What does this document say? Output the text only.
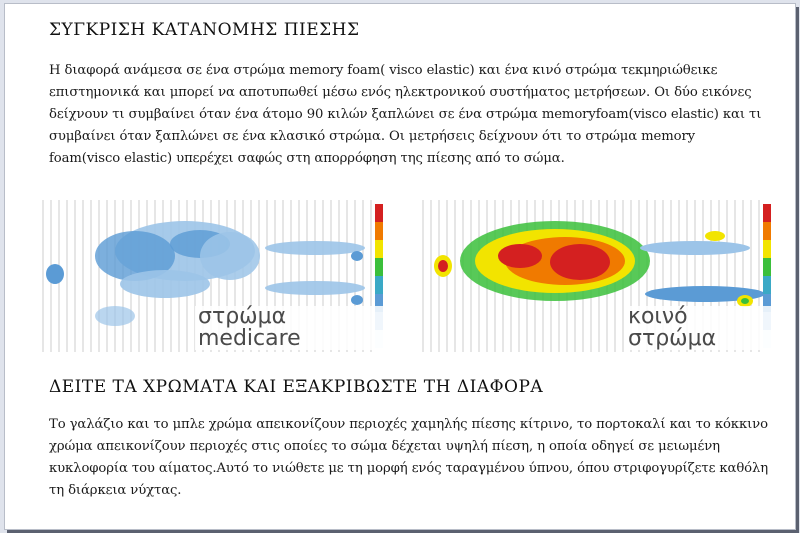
ΣΥΓΚΡΙΣΗ ΚΑΤΑΝΟΜΗΣ ΠΙΕΣΗΣ
Η διαφορά ανάμεσα σε ένα στρώμα memory foam( visco elastic) και ένα κινό στρώμα τεκμηριώθεικε επιστημονικά και μπορεί να αποτυπωθεί μέσω ενός ηλεκτρονικού συστήματος μετρήσεων. Οι δύο εικόνες δείχνουν τι συμβαίνει όταν ένα άτομο 90 κιλών ξαπλώνει σε ένα στρώμα memoryfoam(visco elastic) και τι συμβαίνει όταν ξαπλώνει σε ένα κλασικό στρώμα. Οι μετρήσεις δείχνουν ότι το στρώμα memory foam(visco elastic) υπερέχει σαφώς στη απορρόφηση της πίεσης από το σώμα.
στρώμα medicare
κοινό στρώμα
ΔΕΙΤΕ ΤΑ ΧΡΩΜΑΤΑ ΚΑΙ ΕΞΑΚΡΙΒΩΣΤΕ ΤΗ ΔΙΑΦΟΡΑ
Το γαλάζιο και το μπλε χρώμα απεικονίζουν περιοχές χαμηλής πίεσης κίτρινο, το πορτοκαλί και το κόκκινο χρώμα απεικονίζουν περιοχές στις οποίες το σώμα δέχεται υψηλή πίεση, η οποία οδηγεί σε μειωμένη κυκλοφορία του αίματος.Αυτό το νιώθετε με τη μορφή ενός ταραγμένου ύπνου, όπου στριφογυρίζετε καθόλη τη διάρκεια νύχτας.
